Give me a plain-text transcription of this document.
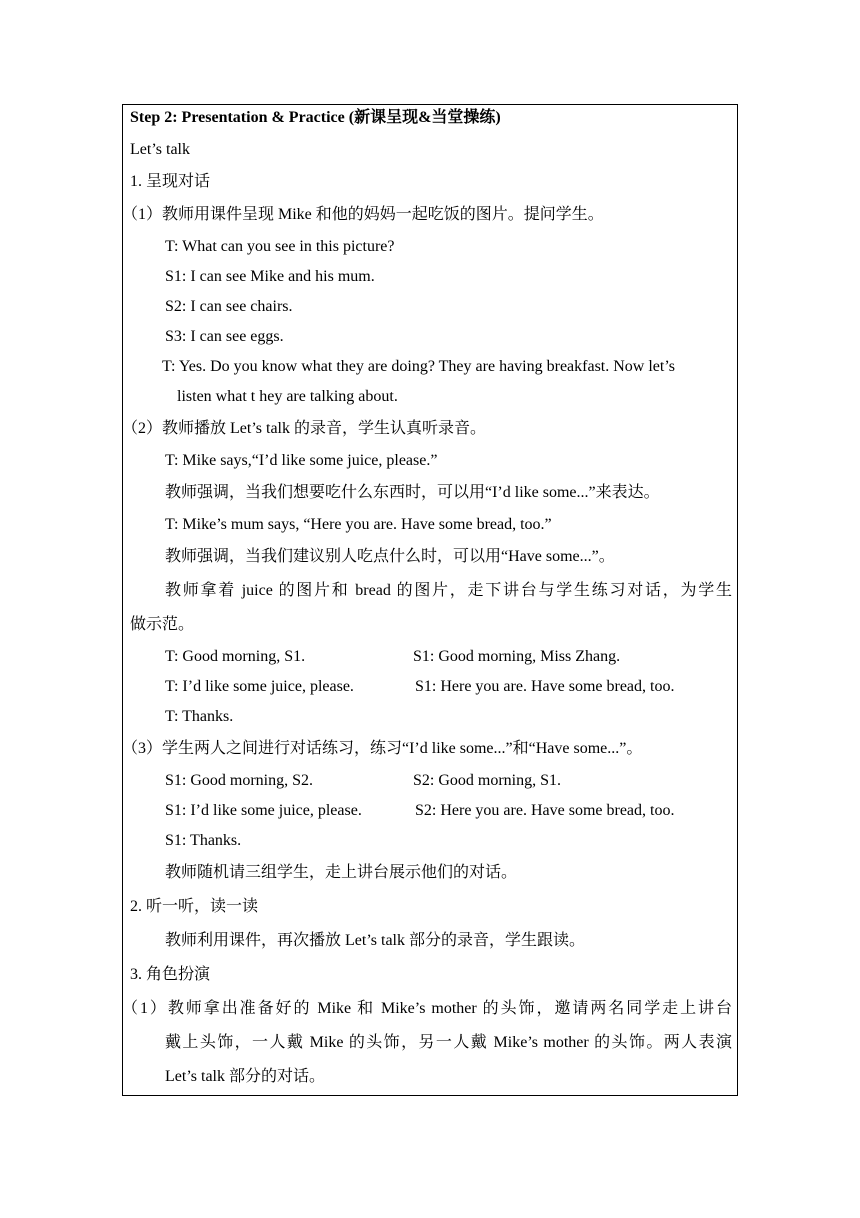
Step 2: Presentation & Practice (新课呈现&当堂操练)
Let’s talk
1. 呈现对话
（1）教师用课件呈现 Mike 和他的妈妈一起吃饭的图片。提问学生。
T: What can you see in this picture?
S1: I can see Mike and his mum.
S2: I can see chairs.
S3: I can see eggs.
T: Yes. Do you know what they are doing? They are having breakfast. Now let’s
listen what t hey are talking about.
（2）教师播放 Let’s talk 的录音，学生认真听录音。
T: Mike says,“I’d like some juice, please.”
教师强调，当我们想要吃什么东西时，可以用“I’d like some...”来表达。
T: Mike’s mum says, “Here you are. Have some bread, too.”
教师强调，当我们建议别人吃点什么时，可以用“Have some...”。
教师拿着 juice 的图片和 bread 的图片，走下讲台与学生练习对话，为学生
做示范。
T: Good morning, S1.	S1: Good morning, Miss Zhang.
T: I’d like some juice, please.	S1: Here you are. Have some bread, too.
T: Thanks.
（3）学生两人之间进行对话练习，练习“I’d like some...”和“Have some...”。
S1: Good morning, S2.	S2: Good morning, S1.
S1: I’d like some juice, please.	S2: Here you are. Have some bread, too.
S1: Thanks.
教师随机请三组学生，走上讲台展示他们的对话。
2. 听一听，读一读
教师利用课件，再次播放 Let’s talk 部分的录音，学生跟读。
3. 角色扮演
（1）教师拿出准备好的 Mike 和 Mike’s mother 的头饰，邀请两名同学走上讲台
戴上头饰，一人戴 Mike 的头饰，另一人戴 Mike’s mother 的头饰。两人表演
Let’s talk 部分的对话。
